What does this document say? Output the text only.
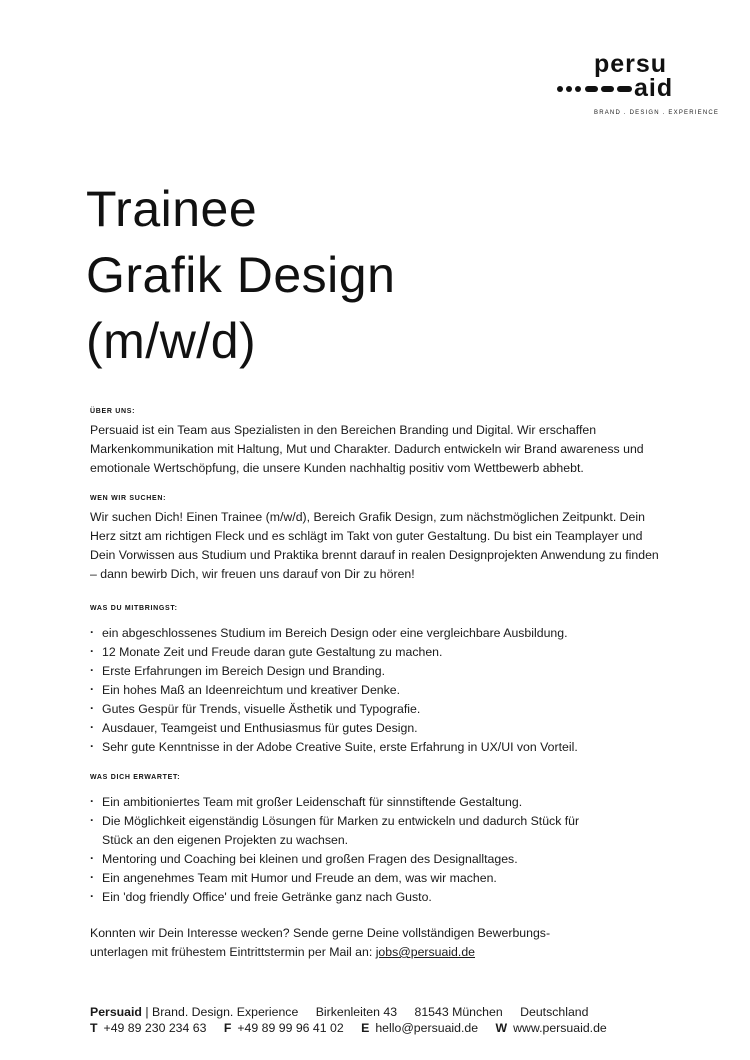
persu
aid
BRAND . DESIGN . EXPERIENCE
Trainee
Grafik Design
(m/w/d)
ÜBER UNS:

Persuaid ist ein Team aus Spezialisten in den Bereichen Branding und Digital. Wir erschaffen Markenkommunikation mit Haltung, Mut und Charakter. Dadurch entwickeln wir Brand awareness und emotionale Wertschöpfung, die unsere Kunden nachhaltig positiv vom Wettbewerb abhebt.

WEN WIR SUCHEN:

Wir suchen Dich! Einen Trainee (m/w/d), Bereich Grafik Design, zum nächstmöglichen Zeitpunkt. Dein Herz sitzt am richtigen Fleck und es schlägt im Takt von guter Gestaltung. Du bist ein Teamplayer und Dein Vorwissen aus Studium und Praktika brennt darauf in realen Designprojekten Anwendung zu finden – dann bewirb Dich, wir freuen uns darauf von Dir zu hören!

WAS DU MITBRINGST:
· ein abgeschlossenes Studium im Bereich Design oder eine vergleichbare Ausbildung.
· 12 Monate Zeit und Freude daran gute Gestaltung zu machen.
· Erste Erfahrungen im Bereich Design und Branding.
· Ein hohes Maß an Ideenreichtum und kreativer Denke.
· Gutes Gespür für Trends, visuelle Ästhetik und Typografie.
· Ausdauer, Teamgeist und Enthusiasmus für gutes Design.
· Sehr gute Kenntnisse in der Adobe Creative Suite, erste Erfahrung in UX/UI von Vorteil.
WAS DICH ERWARTET:
· Ein ambitioniertes Team mit großer Leidenschaft für sinnstiftende Gestaltung.
· Die Möglichkeit eigenständig Lösungen für Marken zu entwickeln und dadurch Stück für Stück an den eigenen Projekten zu wachsen.
· Mentoring und Coaching bei kleinen und großen Fragen des Designalltages.
· Ein angenehmes Team mit Humor und Freude an dem, was wir machen.
· Ein 'dog friendly Office' und freie Getränke ganz nach Gusto.

Konnten wir Dein Interesse wecken? Sende gerne Deine vollständigen Bewerbungs-unterlagen mit frühestem Eintrittstermin per Mail an: jobs@persuaid.de

Persuaid | Brand. Design. Experience Birkenleiten 43 81543 München Deutschland
T +49 89 230 234 63 F +49 89 99 96 41 02 E hello@persuaid.de W www.persuaid.de
